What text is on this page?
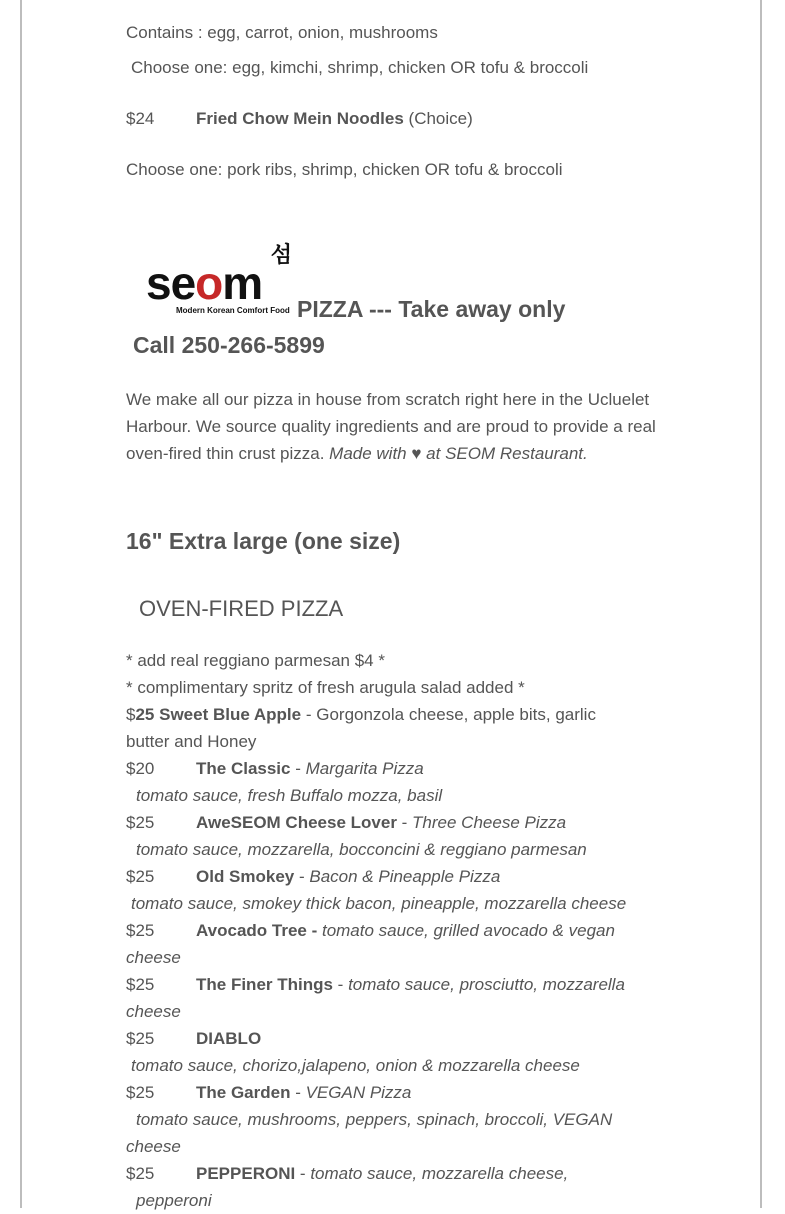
Contains : egg, carrot, onion, mushrooms
Choose one: egg, kimchi, shrimp, chicken OR tofu & broccoli
$24 Fried Chow Mein Noodles (Choice)
Choose one: pork ribs, shrimp, chicken OR tofu & broccoli
섬
seom
Modern Korean Comfort Food PIZZA --- Take away only
Call 250-266-5899
We make all our pizza in house from scratch right here in the Ucluelet Harbour. We source quality ingredients and are proud to provide a real oven-fired thin crust pizza. Made with ♥ at SEOM Restaurant.
16" Extra large (one size)
OVEN-FIRED PIZZA
* add real reggiano parmesan $4 *
* complimentary spritz of fresh arugula salad added *
$25 Sweet Blue Apple - Gorgonzola cheese, apple bits, garlic
butter and Honey
$20 The Classic - Margarita Pizza
tomato sauce, fresh Buffalo mozza, basil
$25 AweSEOM Cheese Lover - Three Cheese Pizza
tomato sauce, mozzarella, bocconcini & reggiano parmesan
$25 Old Smokey - Bacon & Pineapple Pizza
tomato sauce, smokey thick bacon, pineapple, mozzarella cheese
$25 Avocado Tree - tomato sauce, grilled avocado & vegan
cheese
$25 The Finer Things - tomato sauce, prosciutto, mozzarella
cheese
$25 DIABLO
tomato sauce, chorizo,jalapeno, onion & mozzarella cheese
$25 The Garden - VEGAN Pizza
tomato sauce, mushrooms, peppers, spinach, broccoli, VEGAN
cheese
$25 PEPPERONI - tomato sauce, mozzarella cheese,
pepperoni
